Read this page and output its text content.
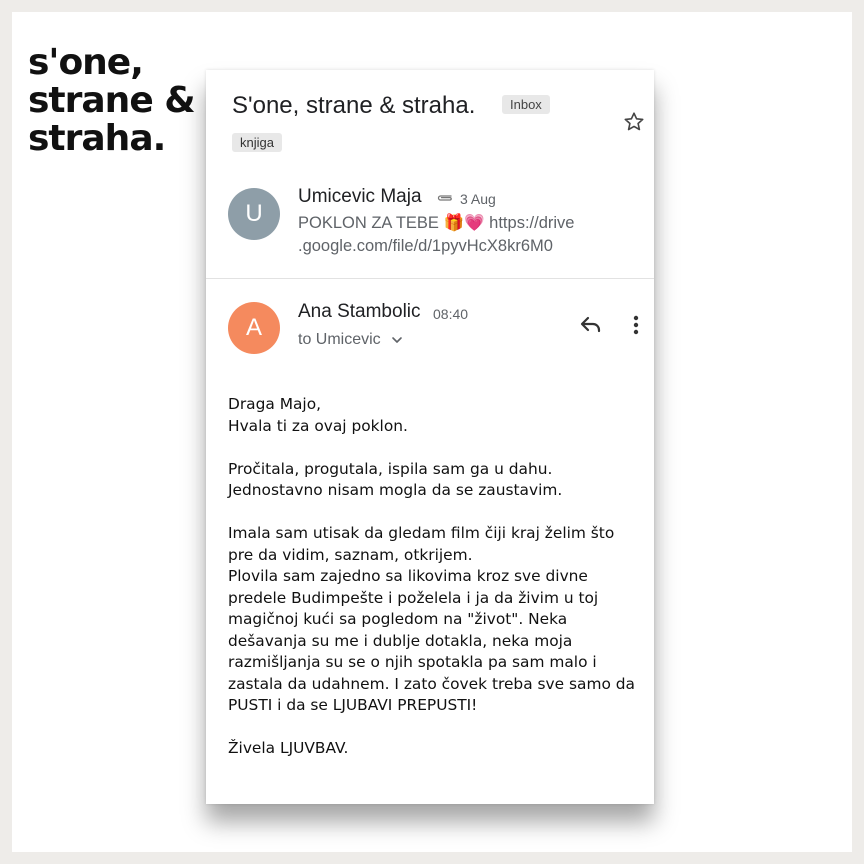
s'one,
strane &
straha.
S'one, strane & straha.	Inbox
knjiga
U
Umicevic Maja	3 Aug
POKLON ZA TEBE 🎁💗 https://drive
.google.com/file/d/1pyvHcX8kr6M0
A
Ana Stambolic 08:40
to Umicevic

Draga Majo,
Hvala ti za ovaj poklon.

Pročitala, progutala, ispila sam ga u dahu.
Jednostavno nisam mogla da se zaustavim.

Imala sam utisak da gledam film čiji kraj želim što pre da vidim, saznam, otkrijem.
Plovila sam zajedno sa likovima kroz sve divne predele Budimpešte i poželela i ja da živim u toj magičnoj kući sa pogledom na "život". Neka dešavanja su me i dublje dotakla, neka moja razmišljanja su se o njih spotakla pa sam malo i zastala da udahnem. I zato čovek treba sve samo da PUSTI i da se LJUBAVI PREPUSTI!

Živela LJUVBAV.
